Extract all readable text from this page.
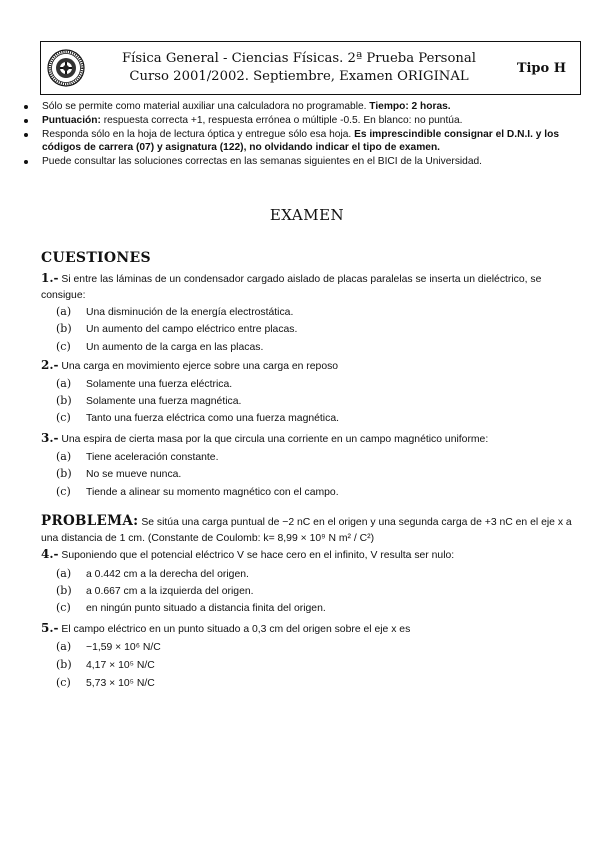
Física General - Ciencias Físicas. 2ª Prueba Personal
Curso 2001/2002. Septiembre, Examen ORIGINAL
Tipo H
Sólo se permite como material auxiliar una calculadora no programable. Tiempo: 2 horas.
Puntuación: respuesta correcta +1, respuesta errónea o múltiple -0.5. En blanco: no puntúa.
Responda sólo en la hoja de lectura óptica y entregue sólo esa hoja. Es imprescindible consignar el D.N.I. y los códigos de carrera (07) y asignatura (122), no olvidando indicar el tipo de examen.
Puede consultar las soluciones correctas en las semanas siguientes en el BICI de la Universidad.
EXAMEN
CUESTIONES
1.- Si entre las láminas de un condensador cargado aislado de placas paralelas se inserta un dieléctrico, se consigue:
(a) Una disminución de la energía electrostática.
(b) Un aumento del campo eléctrico entre placas.
(c) Un aumento de la carga en las placas.
2.- Una carga en movimiento ejerce sobre una carga en reposo
(a) Solamente una fuerza eléctrica.
(b) Solamente una fuerza magnética.
(c) Tanto una fuerza eléctrica como una fuerza magnética.
3.- Una espira de cierta masa por la que circula una corriente en un campo magnético uniforme:
(a) Tiene aceleración constante.
(b) No se mueve nunca.
(c) Tiende a alinear su momento magnético con el campo.
PROBLEMA: Se sitúa una carga puntual de −2 nC en el origen y una segunda carga de +3 nC en el eje x a una distancia de 1 cm. (Constante de Coulomb: k= 8,99 × 10⁹ N m² / C²)
4.- Suponiendo que el potencial eléctrico V se hace cero en el infinito, V resulta ser nulo:
(a) a 0.442 cm a la derecha del origen.
(b) a 0.667 cm a la izquierda del origen.
(c) en ningún punto situado a distancia finita del origen.
5.- El campo eléctrico en un punto situado a 0,3 cm del origen sobre el eje x es
(a) −1,59 × 10⁶ N/C
(b) 4,17 × 10⁵ N/C
(c) 5,73 × 10⁵ N/C
